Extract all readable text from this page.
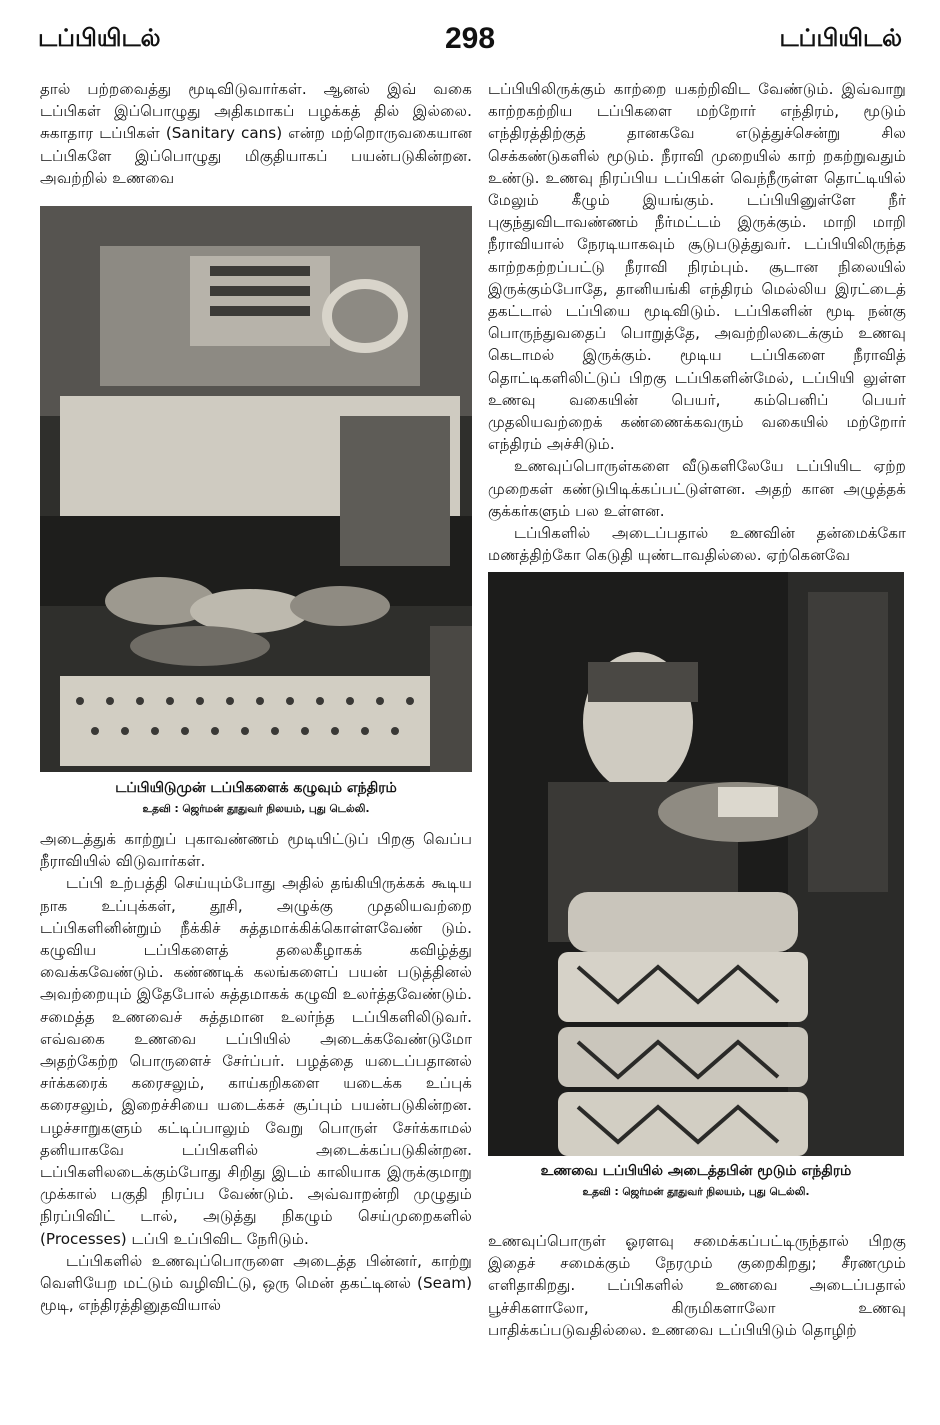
டப்பியிடல்	298	டப்பியிடல்

தால் பற்றவைத்து மூடிவிடுவார்கள். ஆனல் இவ் வகை டப்பிகள் இப்பொழுது அதிகமாகப் பழக்கத் தில் இல்லை. சுகாதார டப்பிகள் (Sanitary cans) என்ற மற்றொருவகையான டப்பிகளே இப்பொழுது மிகுதியாகப் பயன்படுகின்றன. அவற்றில் உணவை

டப்பியிடுமுன் டப்பிகளைக் கழுவும் எந்திரம்
உதவி : ஜெர்மன் தூதுவர் நிலயம், புது டெல்லி.

அடைத்துக் காற்றுப் புகாவண்ணம் மூடியிட்டுப் பிறகு வெப்ப நீராவியில் விடுவார்கள்.

டப்பி உற்பத்தி செய்யும்போது அதில் தங்கியிருக்கக் கூடிய நாக உப்புக்கள், தூசி, அழுக்கு முதலியவற்றை டப்பிகளினின்றும் நீக்கிச் சுத்தமாக்கிக்கொள்ளவேண் டும். கழுவிய டப்பிகளைத் தலைகீழாகக் கவிழ்த்து வைக்கவேண்டும். கண்ணடிக் கலங்களைப் பயன் படுத்தினல் அவற்றையும் இதேபோல் சுத்தமாகக் கழுவி உலர்த்தவேண்டும். சமைத்த உணவைச் சுத்தமான உலர்ந்த டப்பிகளிலிடுவர். எவ்வகை உணவை டப்பியில் அடைக்கவேண்டுமோ அதற்கேற்ற பொருளைச் சேர்ப்பர். பழத்தை யடைப்பதானல் சர்க்கரைக் கரைசலும், காய்கறிகளை யடைக்க உப்புக் கரைசலும், இறைச்சியை யடைக்கச் சூப்பும் பயன்படுகின்றன. பழச்சாறுகளும் கட்டிப்பாலும் வேறு பொருள் சேர்க்காமல் தனியாகவே டப்பிகளில் அடைக்கப்படுகின்றன. டப்பிகளிலடைக்கும்போது சிறிது இடம் காலியாக இருக்குமாறு முக்கால் பகுதி நிரப்ப வேண்டும். அவ்வாறன்றி முழுதும் நிரப்பிவிட் டால், அடுத்து நிகழும் செய்முறைகளில் (Processes) டப்பி உப்பிவிட நேரிடும்.

டப்பிகளில் உணவுப்பொருளை அடைத்த பின்னர், காற்று வெளியேற மட்டும் வழிவிட்டு, ஒரு மென் தகட்டினல் (Seam) மூடி, எந்திரத்தினுதவியால்

டப்பியிலிருக்கும் காற்றை யகற்றிவிட வேண்டும். இவ்வாறு காற்றகற்றிய டப்பிகளை மற்றோர் எந்திரம், மூடும் எந்திரத்திற்குத் தானகவே எடுத்துச்சென்று சில செக்கண்டுகளில் மூடும். நீராவி முறையில் காற் றகற்றுவதும் உண்டு. உணவு நிரப்பிய டப்பிகள் வெந்நீருள்ள தொட்டியில் மேலும் கீழும் இயங்கும். டப்பியினுள்ளே நீர் புகுந்துவிடாவண்ணம் நீர்மட்டம் இருக்கும். மாறி மாறி நீராவியால் நேரடியாகவும் சூடுபடுத்துவர். டப்பியிலிருந்த காற்றகற்றப்பட்டு நீராவி நிரம்பும். சூடான நிலையில் இருக்கும்போதே, தானியங்கி எந்திரம் மெல்லிய இரட்டைத் தகட்டால் டப்பியை மூடிவிடும். டப்பிகளின் மூடி நன்கு பொருந்துவதைப் பொறுத்தே, அவற்றிலடைக்கும் உணவு கெடாமல் இருக்கும். மூடிய டப்பிகளை நீராவித் தொட்டிகளிலிட்டுப் பிறகு டப்பிகளின்மேல், டப்பியி லுள்ள உணவு வகையின் பெயர், கம்பெனிப் பெயர் முதலியவற்றைக் கண்ணைக்கவரும் வகையில் மற்றோர் எந்திரம் அச்சிடும்.

உணவுப்பொருள்களை வீடுகளிலேயே டப்பியிட ஏற்ற முறைகள் கண்டுபிடிக்கப்பட்டுள்ளன. அதற் கான அழுத்தக் குக்கர்களும் பல உள்ளன.

டப்பிகளில் அடைப்பதால் உணவின் தன்மைக்கோ மணத்திற்கோ கெடுதி யுண்டாவதில்லை. ஏற்கெனவே

உணவை டப்பியில் அடைத்தபின் மூடும் எந்திரம்
உதவி : ஜெர்மன் தூதுவர் நிலயம், புது டெல்லி.

உணவுப்பொருள் ஓரளவு சமைக்கப்பட்டிருந்தால் பிறகு இதைச் சமைக்கும் நேரமும் குறைகிறது; சீரணமும் எளிதாகிறது. டப்பிகளில் உணவை அடைப்பதால் பூச்சிகளாலோ, கிருமிகளாலோ உணவு பாதிக்கப்படுவதில்லை. உணவை டப்பியிடும் தொழிற்
